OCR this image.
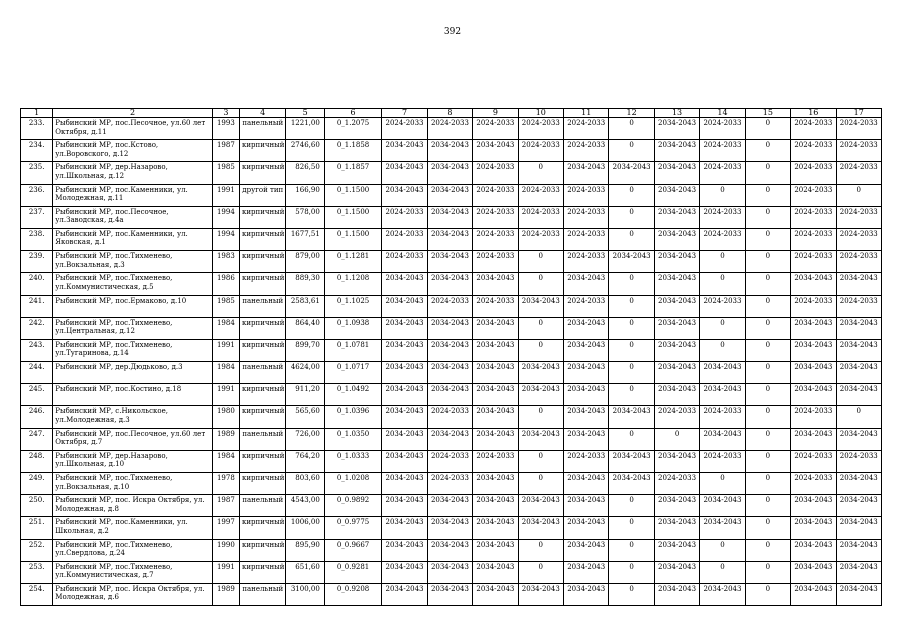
392
1	2	3	4	5	6	7	8	9	10	11	12	13	14	15	16	17
233.	Рыбинский МР, пос.Песочное, ул.60 лет Октября, д.11	1993	панельный	1221,00	0_1.2075	2024-2033	2024-2033	2024-2033	2024-2033	2024-2033	0	2034-2043	2024-2033	0	2024-2033	2024-2033
234.	Рыбинский МР, пос.Кстово, ул.Воровского, д.12	1987	кирпичный	2746,60	0_1.1858	2034-2043	2034-2043	2034-2043	2024-2033	2024-2033	0	2034-2043	2024-2033	0	2024-2033	2024-2033
235.	Рыбинский МР, дер.Назарово, ул.Школьная, д.12	1985	кирпичный	826,50	0_1.1857	2034-2043	2034-2043	2024-2033	0	2034-2043	2034-2043	2034-2043	2024-2033	0	2024-2033	2024-2033
236.	Рыбинский МР, пос.Каменники, ул. Молодежная, д.11	1991	другой тип	166,90	0_1.1500	2034-2043	2034-2043	2024-2033	2024-2033	2024-2033	0	2034-2043	0	0	2024-2033	0
237.	Рыбинский МР, пос.Песочное, ул.Заводская, д.4а	1994	кирпичный	578,00	0_1.1500	2024-2033	2034-2043	2024-2033	2024-2033	2024-2033	0	2034-2043	2024-2033	0	2024-2033	2024-2033
238.	Рыбинский МР, пос.Каменники, ул. Яковская, д.1	1994	кирпичный	1677,51	0_1.1500	2024-2033	2034-2043	2024-2033	2024-2033	2024-2033	0	2034-2043	2024-2033	0	2024-2033	2024-2033
239.	Рыбинский МР, пос.Тихменево, ул.Вокзальная, д.3	1983	кирпичный	879,00	0_1.1281	2024-2033	2034-2043	2024-2033	0	2024-2033	2034-2043	2034-2043	0	0	2024-2033	2024-2033
240.	Рыбинский МР, пос.Тихменево, ул.Коммунистическая, д.5	1986	кирпичный	889,30	0_1.1208	2034-2043	2034-2043	2034-2043	0	2034-2043	0	2034-2043	0	0	2034-2043	2034-2043
241.	Рыбинский МР, пос.Ермаково, д.10	1985	панельный	2583,61	0_1.1025	2034-2043	2024-2033	2024-2033	2034-2043	2024-2033	0	2034-2043	2024-2033	0	2024-2033	2024-2033
242.	Рыбинский МР, пос.Тихменево, ул.Центральная, д.12	1984	кирпичный	864,40	0_1.0938	2034-2043	2034-2043	2034-2043	0	2034-2043	0	2034-2043	0	0	2034-2043	2034-2043
243.	Рыбинский МР, пос.Тихменево, ул.Тугаринова, д.14	1991	кирпичный	899,70	0_1.0781	2034-2043	2034-2043	2034-2043	0	2034-2043	0	2034-2043	0	0	2034-2043	2034-2043
244.	Рыбинский МР, дер.Дюдьково, д.3	1984	панельный	4624,00	0_1.0717	2034-2043	2034-2043	2034-2043	2034-2043	2034-2043	0	2034-2043	2034-2043	0	2034-2043	2034-2043
245.	Рыбинский МР, пос.Костино, д.18	1991	кирпичный	911,20	0_1.0492	2034-2043	2034-2043	2034-2043	2034-2043	2034-2043	0	2034-2043	2034-2043	0	2034-2043	2034-2043
246.	Рыбинский МР, с.Никольское, ул.Молодежная, д.3	1980	кирпичный	565,60	0_1.0396	2034-2043	2024-2033	2034-2043	0	2034-2043	2034-2043	2024-2033	2024-2033	0	2024-2033	0
247.	Рыбинский МР, пос.Песочное, ул.60 лет Октября, д.7	1989	панельный	726,00	0_1.0350	2034-2043	2034-2043	2034-2043	2034-2043	2034-2043	0	0	2034-2043	0	2034-2043	2034-2043
248.	Рыбинский МР, дер.Назарово, ул.Школьная, д.10	1984	кирпичный	764,20	0_1.0333	2034-2043	2024-2033	2024-2033	0	2024-2033	2034-2043	2034-2043	2024-2033	0	2024-2033	2024-2033
249.	Рыбинский МР, пос.Тихменево, ул.Вокзальная, д.10	1978	кирпичный	803,60	0_1.0208	2034-2043	2024-2033	2034-2043	0	2034-2043	2034-2043	2024-2033	0	0	2024-2033	2034-2043
250.	Рыбинский МР, пос. Искра Октября, ул. Молодежная, д.8	1987	панельный	4543,00	0_0.9892	2034-2043	2034-2043	2034-2043	2034-2043	2034-2043	0	2034-2043	2034-2043	0	2034-2043	2034-2043
251.	Рыбинский МР, пос.Каменники, ул. Школьная, д.2	1997	кирпичный	1006,00	0_0.9775	2034-2043	2034-2043	2034-2043	2034-2043	2034-2043	0	2034-2043	2034-2043	0	2034-2043	2034-2043
252.	Рыбинский МР, пос.Тихменево, ул.Свердлова, д.24	1990	кирпичный	895,90	0_0.9667	2034-2043	2034-2043	2034-2043	0	2034-2043	0	2034-2043	0	0	2034-2043	2034-2043
253.	Рыбинский МР, пос.Тихменево, ул.Коммунистическая, д.7	1991	кирпичный	651,60	0_0.9281	2034-2043	2034-2043	2034-2043	0	2034-2043	0	2034-2043	0	0	2034-2043	2034-2043
254.	Рыбинский МР, пос. Искра Октября, ул. Молодежная, д.6	1989	панельный	3100,00	0_0.9208	2034-2043	2034-2043	2034-2043	2034-2043	2034-2043	0	2034-2043	2034-2043	0	2034-2043	2034-2043
